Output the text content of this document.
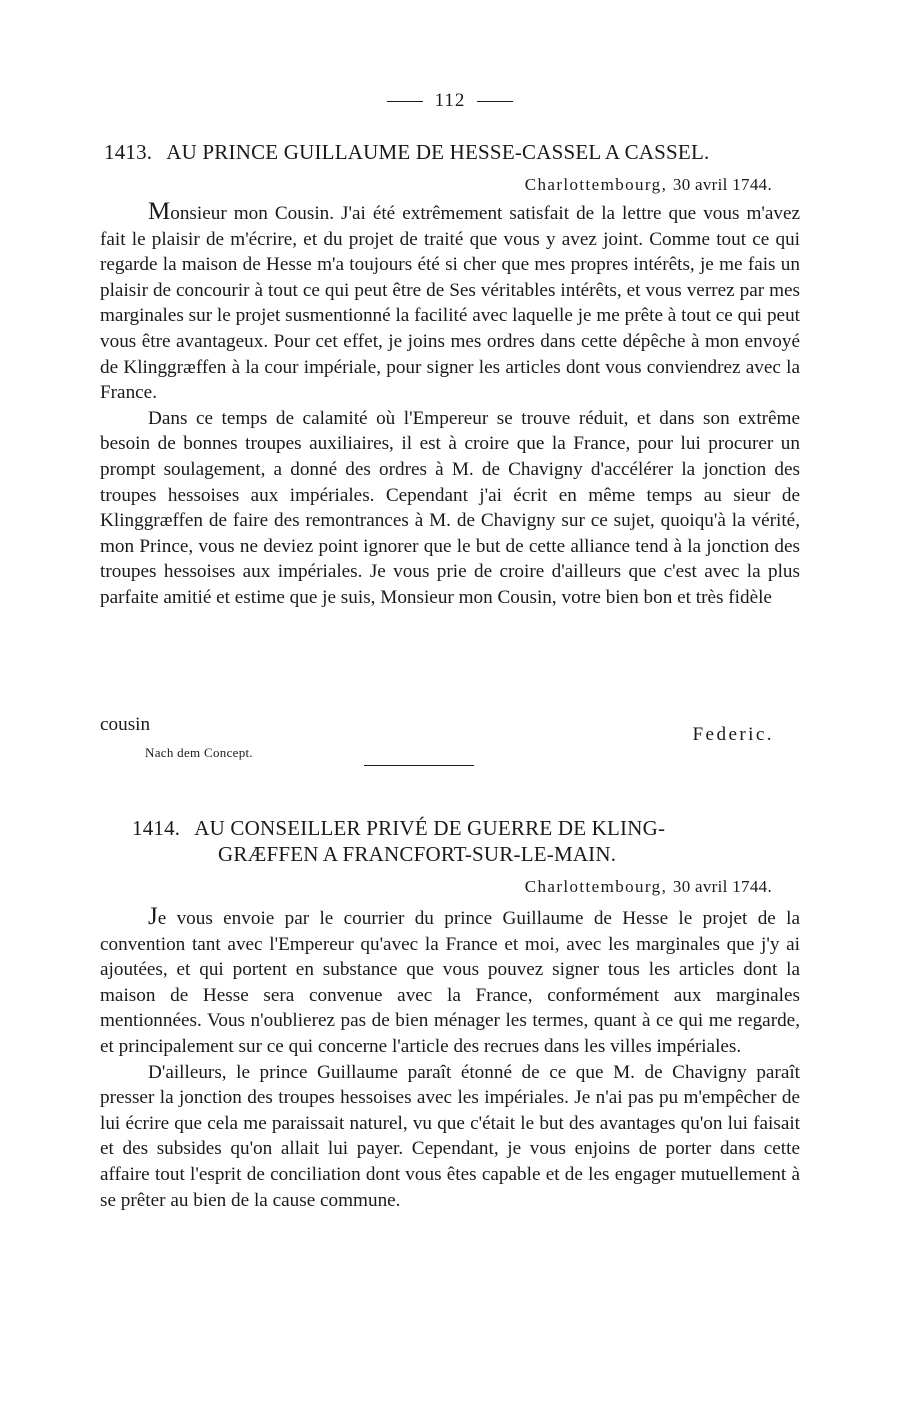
112
1413. AU PRINCE GUILLAUME DE HESSE-CASSEL A CASSEL.
Charlottembourg, 30 avril 1744.

Monsieur mon Cousin. J'ai été extrêmement satisfait de la lettre que vous m'avez fait le plaisir de m'écrire, et du projet de traité que vous y avez joint. Comme tout ce qui regarde la maison de Hesse m'a toujours été si cher que mes propres intérêts, je me fais un plaisir de concourir à tout ce qui peut être de Ses véritables intérêts, et vous verrez par mes marginales sur le projet susmentionné la facilité avec laquelle je me prête à tout ce qui peut vous être avantageux. Pour cet effet, je joins mes ordres dans cette dépêche à mon envoyé de Klinggræffen à la cour impériale, pour signer les articles dont vous conviendrez avec la France.

Dans ce temps de calamité où l'Empereur se trouve réduit, et dans son extrême besoin de bonnes troupes auxiliaires, il est à croire que la France, pour lui procurer un prompt soulagement, a donné des ordres à M. de Chavigny d'accélérer la jonction des troupes hessoises aux impériales. Cependant j'ai écrit en même temps au sieur de Klinggræffen de faire des remontrances à M. de Chavigny sur ce sujet, quoiqu'à la vérité, mon Prince, vous ne deviez point ignorer que le but de cette alliance tend à la jonction des troupes hessoises aux impériales. Je vous prie de croire d'ailleurs que c'est avec la plus parfaite amitié et estime que je suis, Monsieur mon Cousin, votre bien bon et très fidèle

cousin	Federic.
Nach dem Concept.
1414. AU CONSEILLER PRIVÉ DE GUERRE DE KLING-
GRÆFFEN A FRANCFORT-SUR-LE-MAIN.
Charlottembourg, 30 avril 1744.

Je vous envoie par le courrier du prince Guillaume de Hesse le projet de la convention tant avec l'Empereur qu'avec la France et moi, avec les marginales que j'y ai ajoutées, et qui portent en substance que vous pouvez signer tous les articles dont la maison de Hesse sera convenue avec la France, conformément aux marginales mentionnées. Vous n'oublierez pas de bien ménager les termes, quant à ce qui me regarde, et principalement sur ce qui concerne l'article des recrues dans les villes impériales.

D'ailleurs, le prince Guillaume paraît étonné de ce que M. de Chavigny paraît presser la jonction des troupes hessoises avec les impériales. Je n'ai pas pu m'empêcher de lui écrire que cela me paraissait naturel, vu que c'était le but des avantages qu'on lui faisait et des subsides qu'on allait lui payer. Cependant, je vous enjoins de porter dans cette affaire tout l'esprit de conciliation dont vous êtes capable et de les engager mutuellement à se prêter au bien de la cause commune.
